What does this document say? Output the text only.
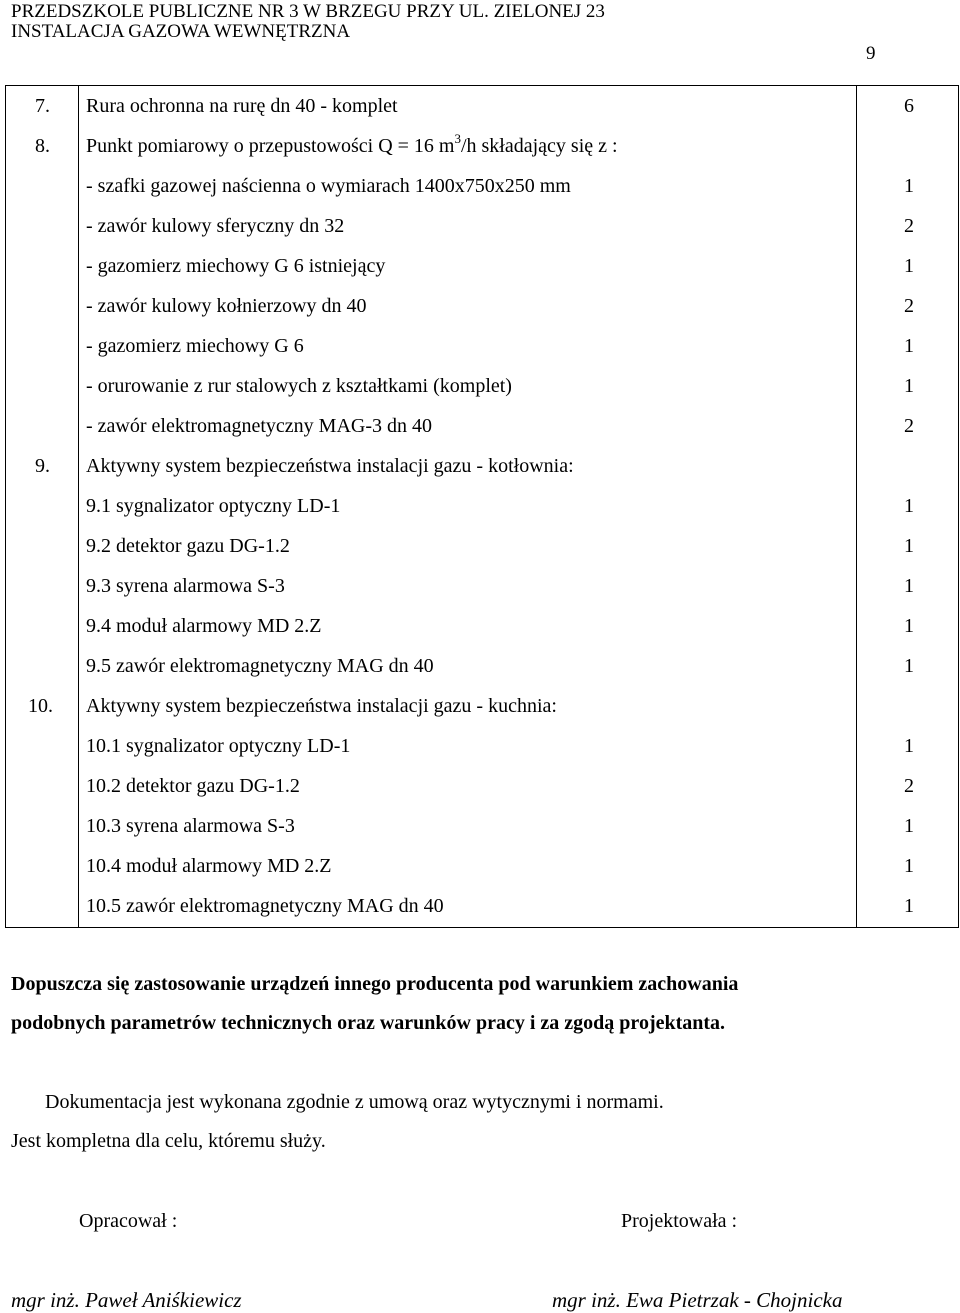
PRZEDSZKOLE PUBLICZNE NR 3 W BRZEGU PRZY UL. ZIELONEJ 23
INSTALACJA GAZOWA WEWNĘTRZNA
9
7. Rura ochronna na rurę dn 40 - komplet	6
8. Punkt pomiarowy o przepustowości Q = 16 $m^3/h$ składający się z :
- szafki gazowej naścienna o wymiarach 1400x750x250 mm	1
- zawór kulowy sferyczny dn 32	2
- gazomierz miechowy G 6 istniejący	1
- zawór kulowy kołnierzowy dn 40	2
- gazomierz miechowy G 6	1
- orurowanie z rur stalowych z kształtkami (komplet)	1
- zawór elektromagnetyczny MAG-3 dn 40	2
9. Aktywny system bezpieczeństwa instalacji gazu - kotłownia:
9.1 sygnalizator optyczny LD-1	1
9.2 detektor gazu DG-1.2	1
9.3 syrena alarmowa S-3	1
9.4 moduł alarmowy MD 2.Z	1
9.5 zawór elektromagnetyczny MAG dn 40	1
10. Aktywny system bezpieczeństwa instalacji gazu - kuchnia:
10.1 sygnalizator optyczny LD-1	1
10.2 detektor gazu DG-1.2	2
10.3 syrena alarmowa S-3	1
10.4 moduł alarmowy MD 2.Z	1
10.5 zawór elektromagnetyczny MAG dn 40	1
Dopuszcza się zastosowanie urządzeń innego producenta pod warunkiem zachowania
podobnych parametrów technicznych oraz warunków pracy i za zgodą projektanta.
Dokumentacja jest wykonana zgodnie z umową oraz wytycznymi i normami.
Jest kompletna dla celu, któremu służy.
Opracował :	Projektowała :
mgr inż. Paweł Aniśkiewicz	mgr inż. Ewa Pietrzak - Chojnicka
